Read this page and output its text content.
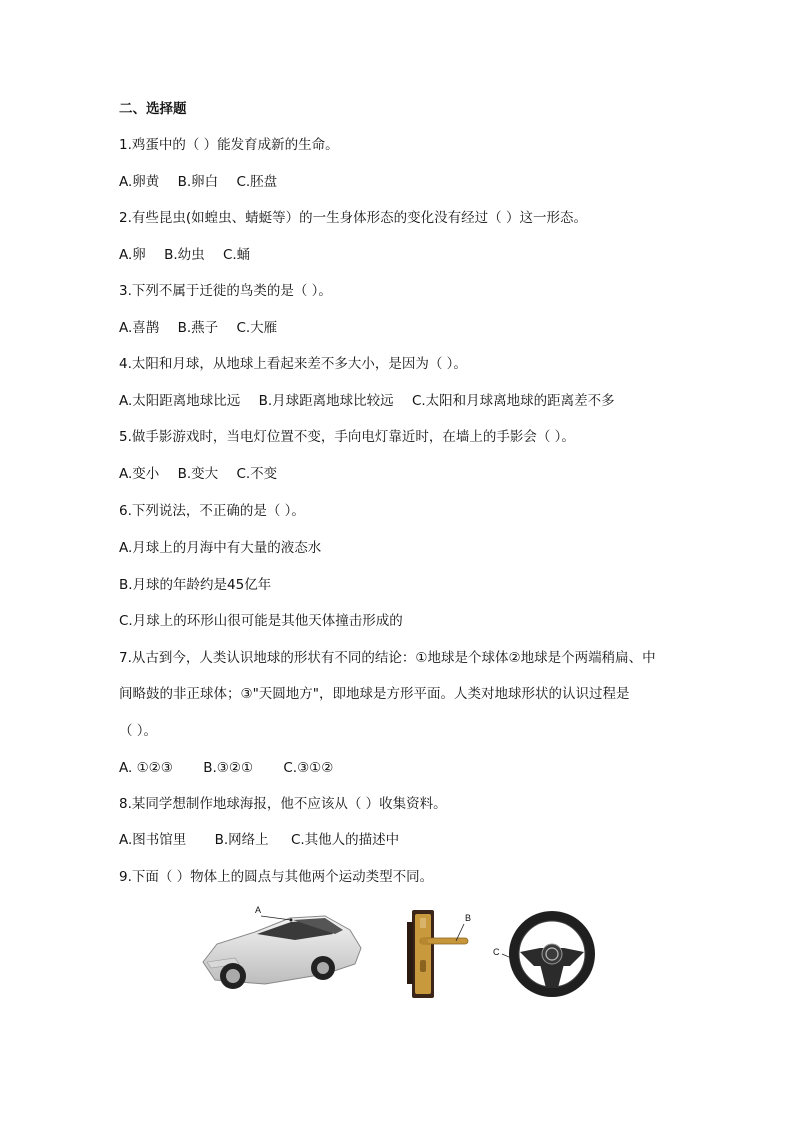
二、选择题
1.鸡蛋中的（ ）能发育成新的生命。
A.卵黄 B.卵白 C.胚盘
2.有些昆虫(如蝗虫、蜻蜓等）的一生身体形态的变化没有经过（ ）这一形态。
A.卵 B.幼虫 C.蛹
3.下列不属于迁徙的鸟类的是（ ）。
A.喜鹊 B.燕子 C.大雁
4.太阳和月球，从地球上看起来差不多大小，是因为（ ）。
A.太阳距离地球比远 B.月球距离地球比较远 C.太阳和月球离地球的距离差不多
5.做手影游戏时，当电灯位置不变，手向电灯靠近时，在墙上的手影会（ ）。
A.变小 B.变大 C.不变
6.下列说法，不正确的是（ ）。
A.月球上的月海中有大量的液态水
B.月球的年龄约是45亿年
C.月球上的环形山很可能是其他天体撞击形成的
7.从古到今，人类认识地球的形状有不同的结论：①地球是个球体②地球是个两端稍扁、中
间略鼓的非正球体；③"天圆地方"，即地球是方形平面。人类对地球形状的认识过程是
（ ）。
A. ①②③ B.③②① C.③①②
8.某同学想制作地球海报，他不应该从（ ）收集资料。
A.图书馆里 B.网络上 C.其他人的描述中
9.下面（ ）物体上的圆点与其他两个运动类型不同。
A
B
C
